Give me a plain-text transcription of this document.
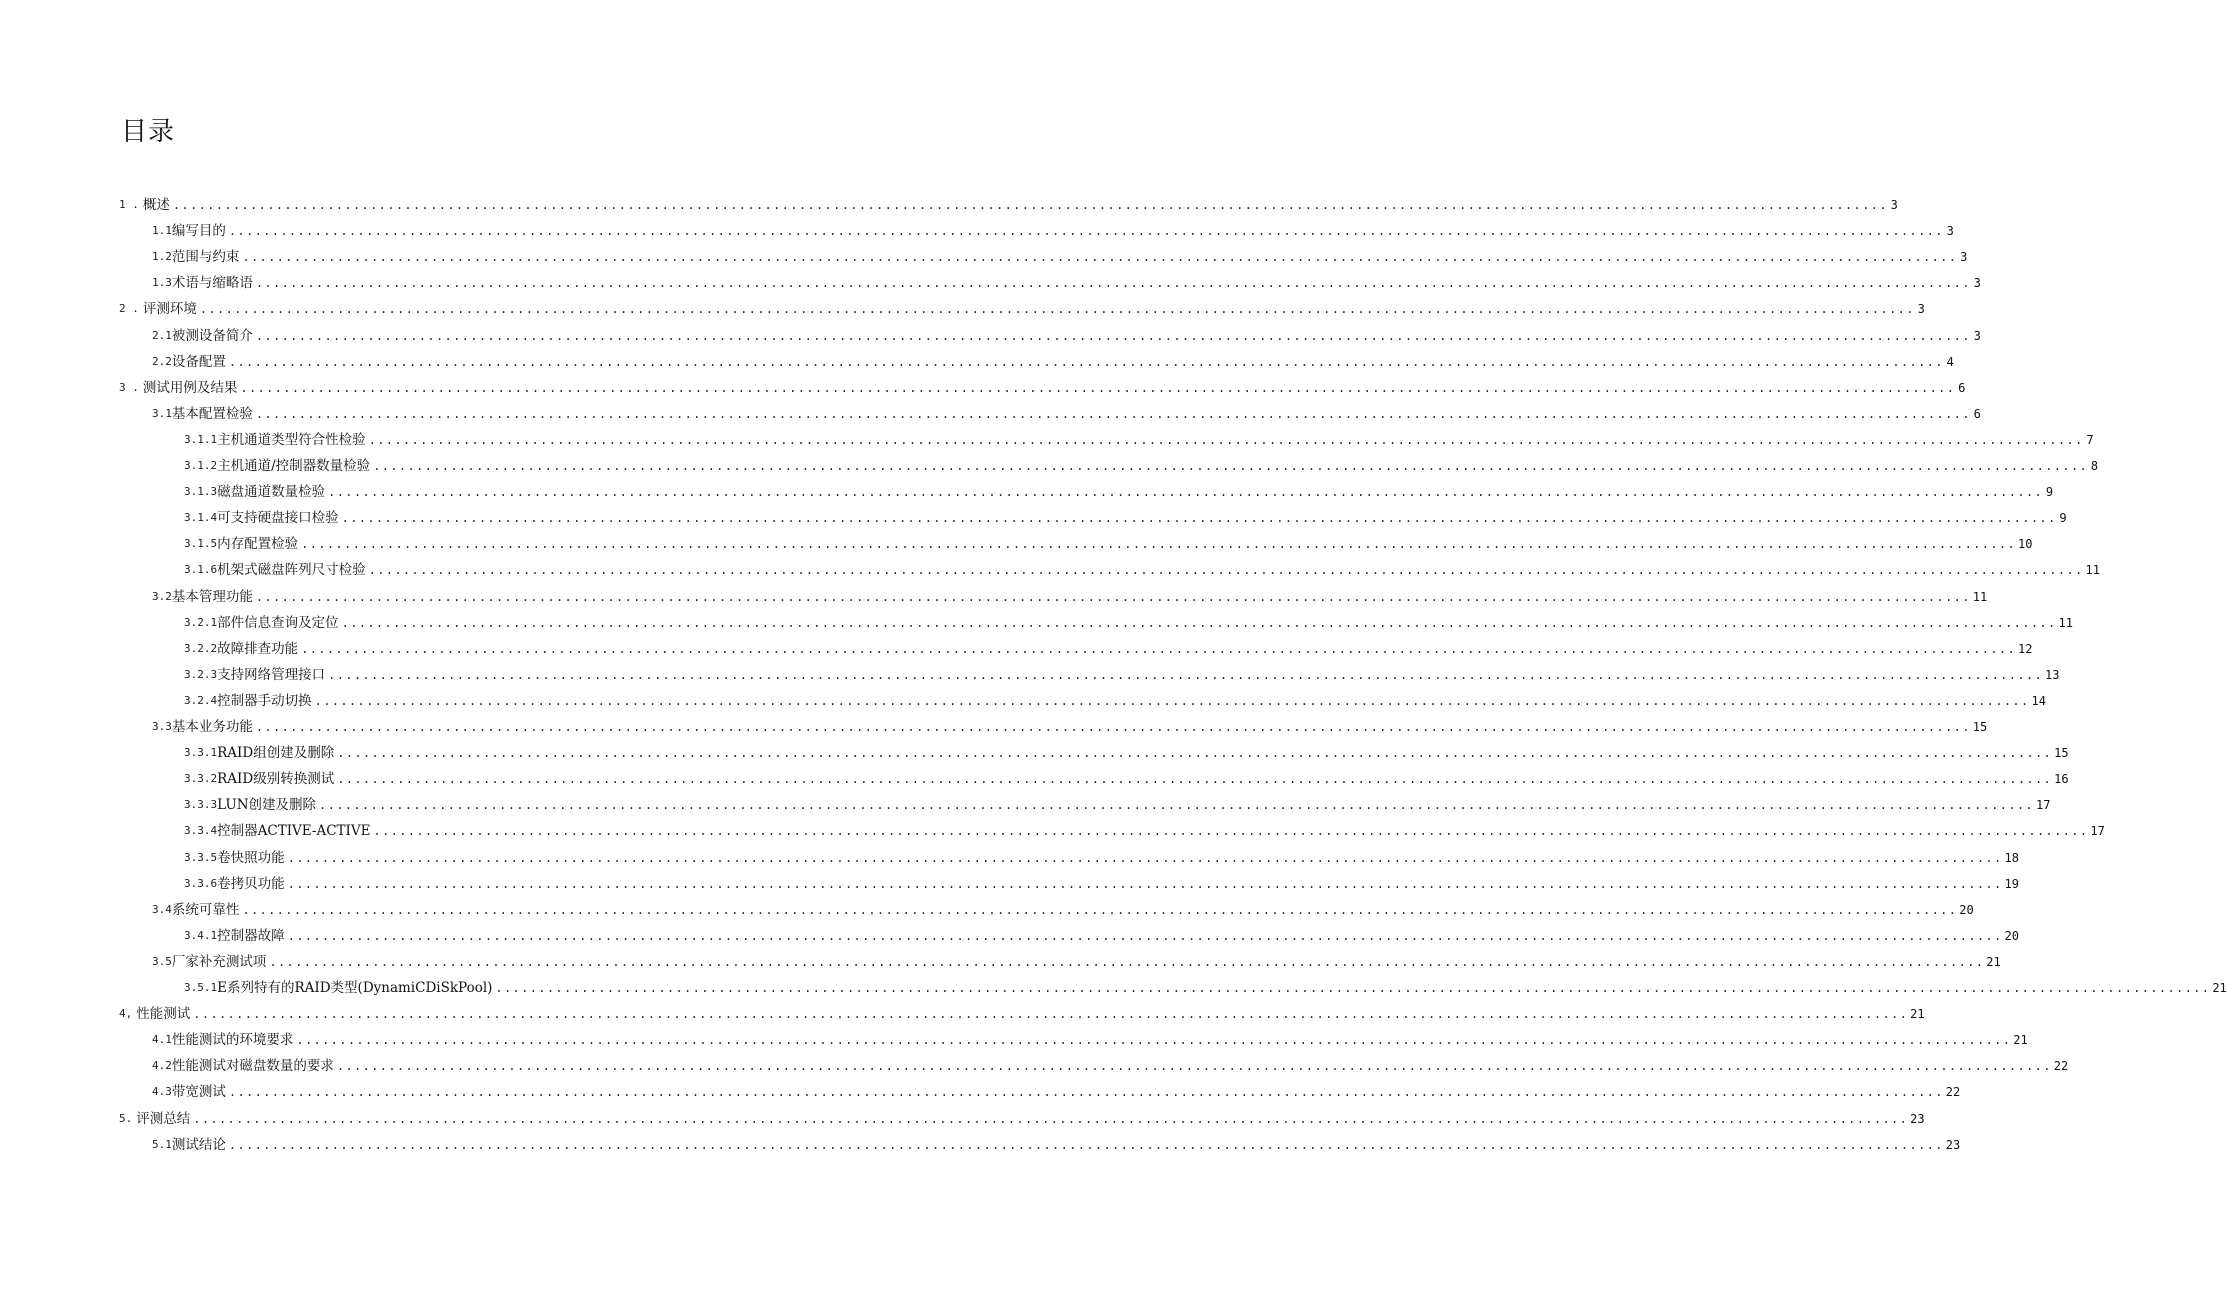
目录
1 . 概述 ........................................................................................................................................................................................................ 3
1.1 编写目的 ........................................................................................................................................................................................................ 3
1.2 范围与约束 ........................................................................................................................................................................................................ 3
1.3 术语与缩略语 ........................................................................................................................................................................................................ 3
2 . 评测环境 ........................................................................................................................................................................................................ 3
2.1 被测设备简介 ........................................................................................................................................................................................................ 3
2.2 设备配置 ........................................................................................................................................................................................................ 4
3 . 测试用例及结果 ........................................................................................................................................................................................................ 6
3.1 基本配置检验 ........................................................................................................................................................................................................ 6
3.1.1 主机通道类型符合性检验 ........................................................................................................................................................................................................ 7
3.1.2 主机通道/控制器数量检验 ........................................................................................................................................................................................................ 8
3.1.3 磁盘通道数量检验 ........................................................................................................................................................................................................ 9
3.1.4 可支持硬盘接口检验 ........................................................................................................................................................................................................ 9
3.1.5 内存配置检验 ........................................................................................................................................................................................................ 10
3.1.6 机架式磁盘阵列尺寸检验 ........................................................................................................................................................................................................ 11
3.2 基本管理功能 ........................................................................................................................................................................................................ 11
3.2.1 部件信息查询及定位 ........................................................................................................................................................................................................ 11
3.2.2 故障排查功能 ........................................................................................................................................................................................................ 12
3.2.3 支持网络管理接口 ........................................................................................................................................................................................................ 13
3.2.4 控制器手动切换 ........................................................................................................................................................................................................ 14
3.3 基本业务功能 ........................................................................................................................................................................................................ 15
3.3.1 RAID组创建及删除 ........................................................................................................................................................................................................ 15
3.3.2 RAID级别转换测试 ........................................................................................................................................................................................................ 16
3.3.3 LUN创建及删除 ........................................................................................................................................................................................................ 17
3.3.4 控制器ACTIVE-ACTIVE ........................................................................................................................................................................................................ 17
3.3.5 卷快照功能 ........................................................................................................................................................................................................ 18
3.3.6 卷拷贝功能 ........................................................................................................................................................................................................ 19
3.4 系统可靠性 ........................................................................................................................................................................................................ 20
3.4.1 控制器故障 ........................................................................................................................................................................................................ 20
3.5 厂家补充测试项 ........................................................................................................................................................................................................ 21
3.5.1 E系列特有的RAID类型(DynamiCDiSkPool) ........................................................................................................................................................................................................ 21
4, 性能测试 ........................................................................................................................................................................................................ 21
4.1 性能测试的环境要求 ........................................................................................................................................................................................................ 21
4.2 性能测试对磁盘数量的要求 ........................................................................................................................................................................................................ 22
4.3 带宽测试 ........................................................................................................................................................................................................ 22
5. 评测总结 ........................................................................................................................................................................................................ 23
5.1 测试结论 ........................................................................................................................................................................................................ 23
